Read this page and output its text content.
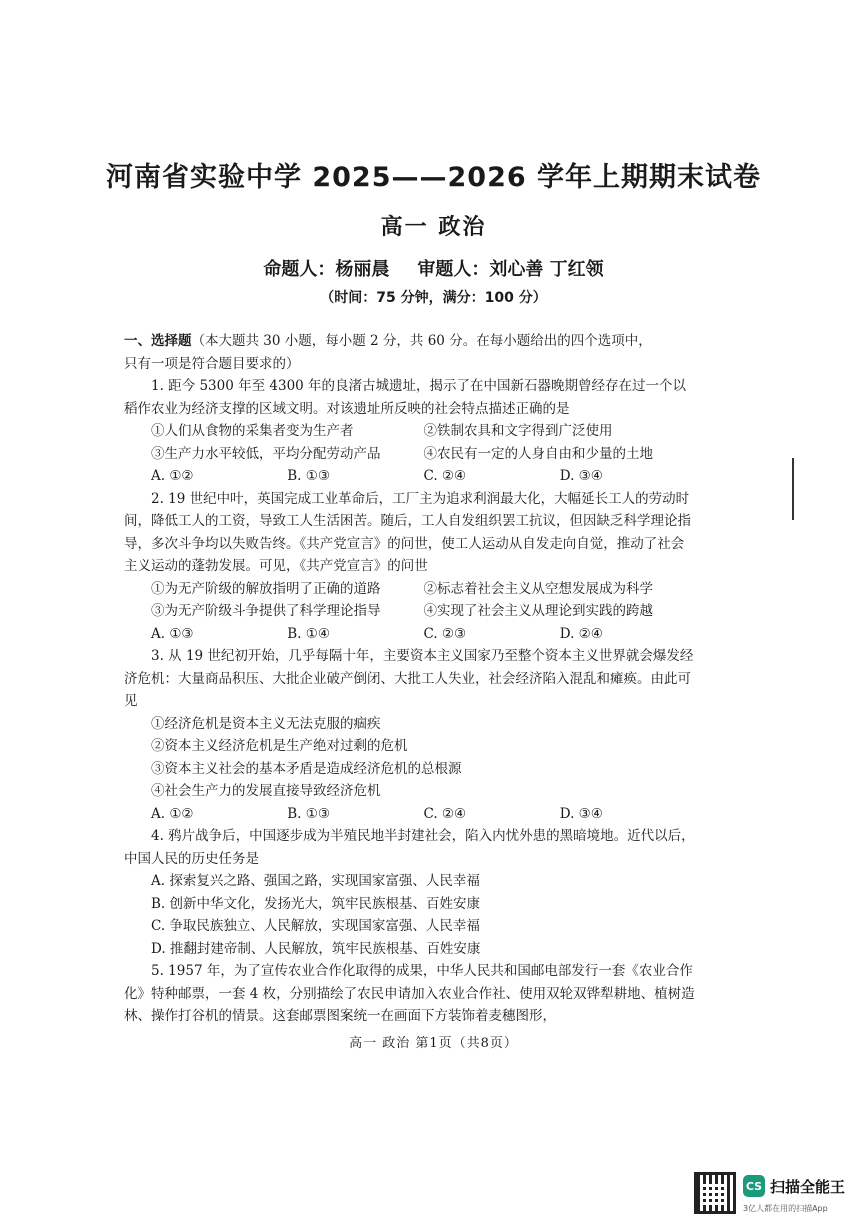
河南省实验中学 2025——2026 学年上期期末试卷
高一 政治
命题人：杨丽晨 审题人：刘心善 丁红领
（时间：75 分钟，满分：100 分）

一、选择题（本大题共 30 小题，每小题 2 分，共 60 分。在每小题给出的四个选项中，
只有一项是符合题目要求的）

1. 距今 5300 年至 4300 年的良渚古城遗址，揭示了在中国新石器晚期曾经存在过一个以稻作农业为经济支撑的区域文明。对该遗址所反映的社会特点描述正确的是

①人们从食物的采集者变为生产者	②铁制农具和文字得到广泛使用
③生产力水平较低，平均分配劳动产品	④农民有一定的人身自由和少量的土地
A. ①②	B. ①③	C. ②④	D. ③④

2. 19 世纪中叶，英国完成工业革命后，工厂主为追求利润最大化，大幅延长工人的劳动时间，降低工人的工资，导致工人生活困苦。随后，工人自发组织罢工抗议，但因缺乏科学理论指导，多次斗争均以失败告终。《共产党宣言》的问世，使工人运动从自发走向自觉，推动了社会主义运动的蓬勃发展。可见，《共产党宣言》的问世

①为无产阶级的解放指明了正确的道路	②标志着社会主义从空想发展成为科学
③为无产阶级斗争提供了科学理论指导	④实现了社会主义从理论到实践的跨越
A. ①③	B. ①④	C. ②③	D. ②④

3. 从 19 世纪初开始，几乎每隔十年，主要资本主义国家乃至整个资本主义世界就会爆发经济危机：大量商品积压、大批企业破产倒闭、大批工人失业，社会经济陷入混乱和瘫痪。由此可见

①经济危机是资本主义无法克服的痼疾

②资本主义经济危机是生产绝对过剩的危机

③资本主义社会的基本矛盾是造成经济危机的总根源

④社会生产力的发展直接导致经济危机

A. ①②	B. ①③	C. ②④	D. ③④

4. 鸦片战争后，中国逐步成为半殖民地半封建社会，陷入内忧外患的黑暗境地。近代以后，中国人民的历史任务是

A. 探索复兴之路、强国之路，实现国家富强、人民幸福

B. 创新中华文化，发扬光大，筑牢民族根基、百姓安康

C. 争取民族独立、人民解放，实现国家富强、人民幸福

D. 推翻封建帝制、人民解放，筑牢民族根基、百姓安康

5. 1957 年，为了宣传农业合作化取得的成果，中华人民共和国邮电部发行一套《农业合作化》特种邮票，一套 4 枚，分别描绘了农民申请加入农业合作社、使用双轮双铧犁耕地、植树造林、操作打谷机的情景。这套邮票图案统一在画面下方装饰着麦穗图形，

高一 政治 第1页（共8页）
CS 扫描全能王
3亿人都在用的扫描App
